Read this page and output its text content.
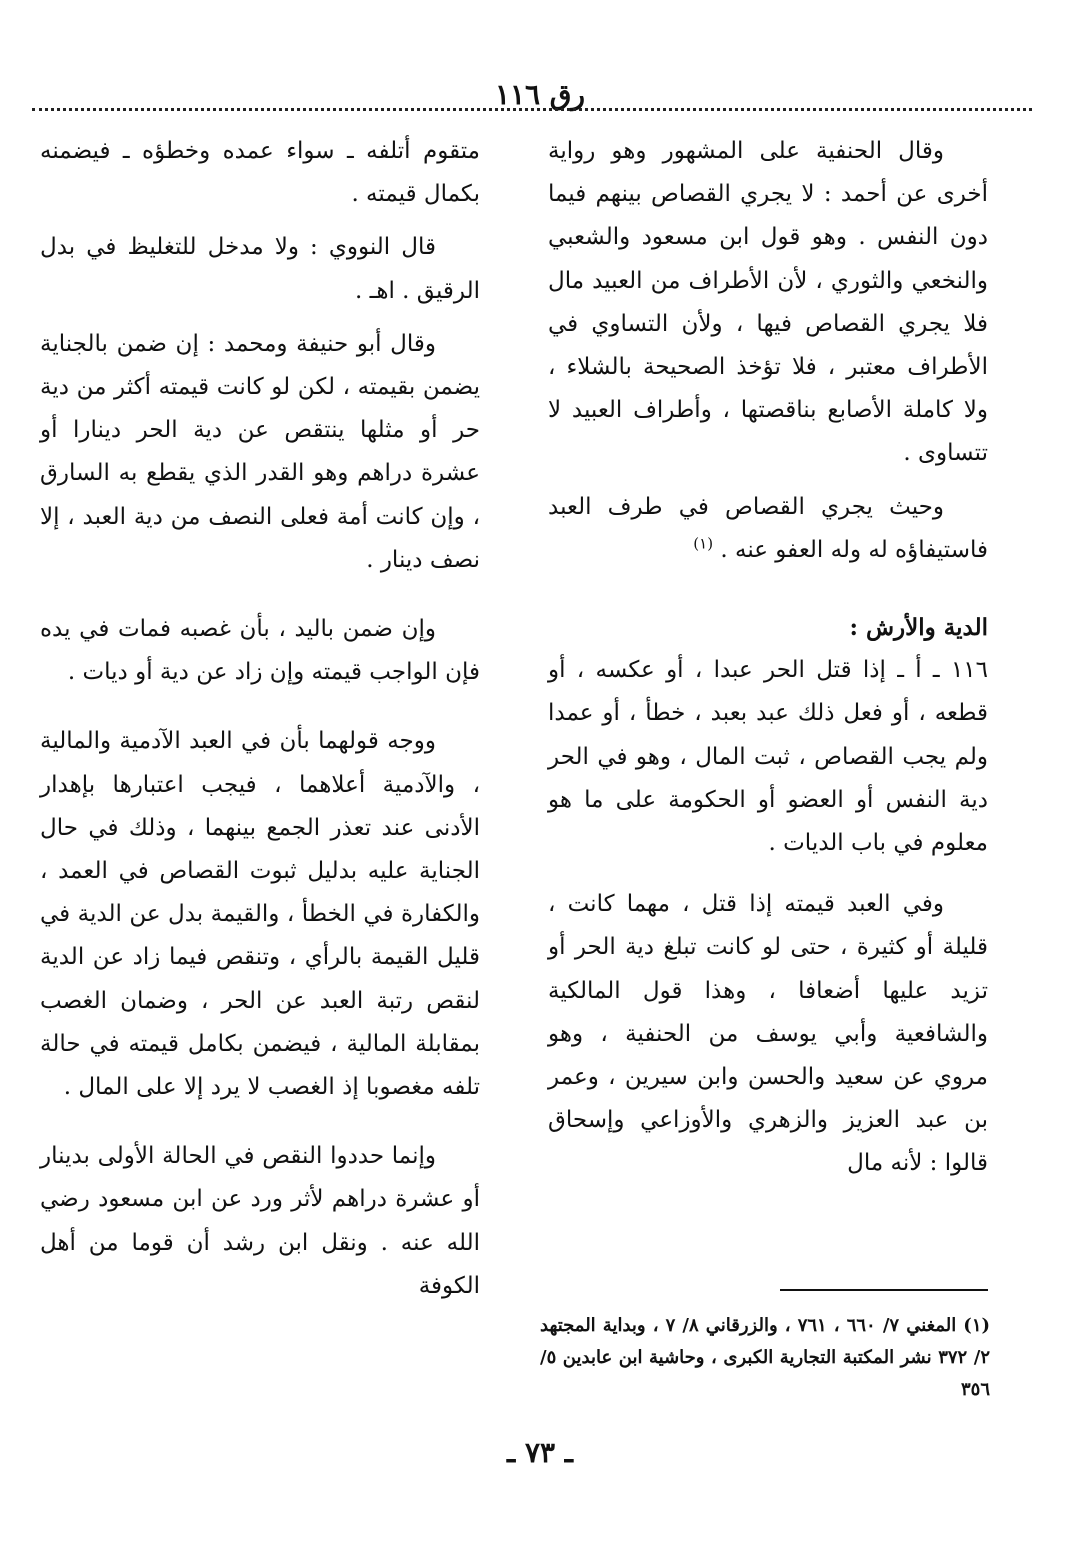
رق ١١٦

وقال الحنفية على المشهور وهو رواية أخرى عن أحمد : لا يجري القصاص بينهم فيما دون النفس . وهو قول ابن مسعود والشعبي والنخعي والثوري ، لأن الأطراف من العبيد مال فلا يجري القصاص فيها ، ولأن التساوي في الأطراف معتبر ، فلا تؤخذ الصحيحة بالشلاء ، ولا كاملة الأصابع بناقصتها ، وأطراف العبيد لا تتساوى .

وحيث يجري القصاص في طرف العبد فاستيفاؤه له وله العفو عنه . $^{(١)}$

الدية والأرش :

١١٦ ـ أ ـ إذا قتل الحر عبدا ، أو عكسه ، أو قطعه ، أو فعل ذلك عبد بعبد ، خطأ ، أو عمدا ولم يجب القصاص ، ثبت المال ، وهو في الحر دية النفس أو العضو أو الحكومة على ما هو معلوم في باب الديات .

وفي العبد قيمته إذا قتل ، مهما كانت ، قليلة أو كثيرة ، حتى لو كانت تبلغ دية الحر أو تزيد عليها أضعافا ، وهذا قول المالكية والشافعية وأبي يوسف من الحنفية ، وهو مروي عن سعيد والحسن وابن سيرين ، وعمر بن عبد العزيز والزهري والأوزاعي وإسحاق قالوا : لأنه مال

متقوم أتلفه ـ سواء عمده وخطؤه ـ فيضمنه بكمال قيمته .

قال النووي : ولا مدخل للتغليظ في بدل الرقيق . اهـ .

وقال أبو حنيفة ومحمد : إن ضمن بالجناية يضمن بقيمته ، لكن لو كانت قيمته أكثر من دية حر أو مثلها ينتقص عن دية الحر دينارا أو عشرة دراهم وهو القدر الذي يقطع به السارق ، وإن كانت أمة فعلى النصف من دية العبد ، إلا نصف دينار .

وإن ضمن باليد ، بأن غصبه فمات في يده فإن الواجب قيمته وإن زاد عن دية أو ديات .

ووجه قولهما بأن في العبد الآدمية والمالية ، والآدمية أعلاهما ، فيجب اعتبارها بإهدار الأدنى عند تعذر الجمع بينهما ، وذلك في حال الجناية عليه بدليل ثبوت القصاص في العمد ، والكفارة في الخطأ ، والقيمة بدل عن الدية في قليل القيمة بالرأي ، وتنقص فيما زاد عن الدية لنقص رتبة العبد عن الحر ، وضمان الغصب بمقابلة المالية ، فيضمن بكامل قيمته في حالة تلفه مغصوبا إذ الغصب لا يرد إلا على المال .

وإنما حددوا النقص في الحالة الأولى بدينار أو عشرة دراهم لأثر ورد عن ابن مسعود رضي الله عنه . ونقل ابن رشد أن قوما من أهل الكوفة

(١) المغني ٧/ ٦٦٠ ، ٧٦١ ، والزرقاني ٨/ ٧ ، وبداية المجتهد ٢/ ٣٧٢ نشر المكتبة التجارية الكبرى ، وحاشية ابن عابدين ٥/ ٣٥٦
ـ ٧٣ ـ
